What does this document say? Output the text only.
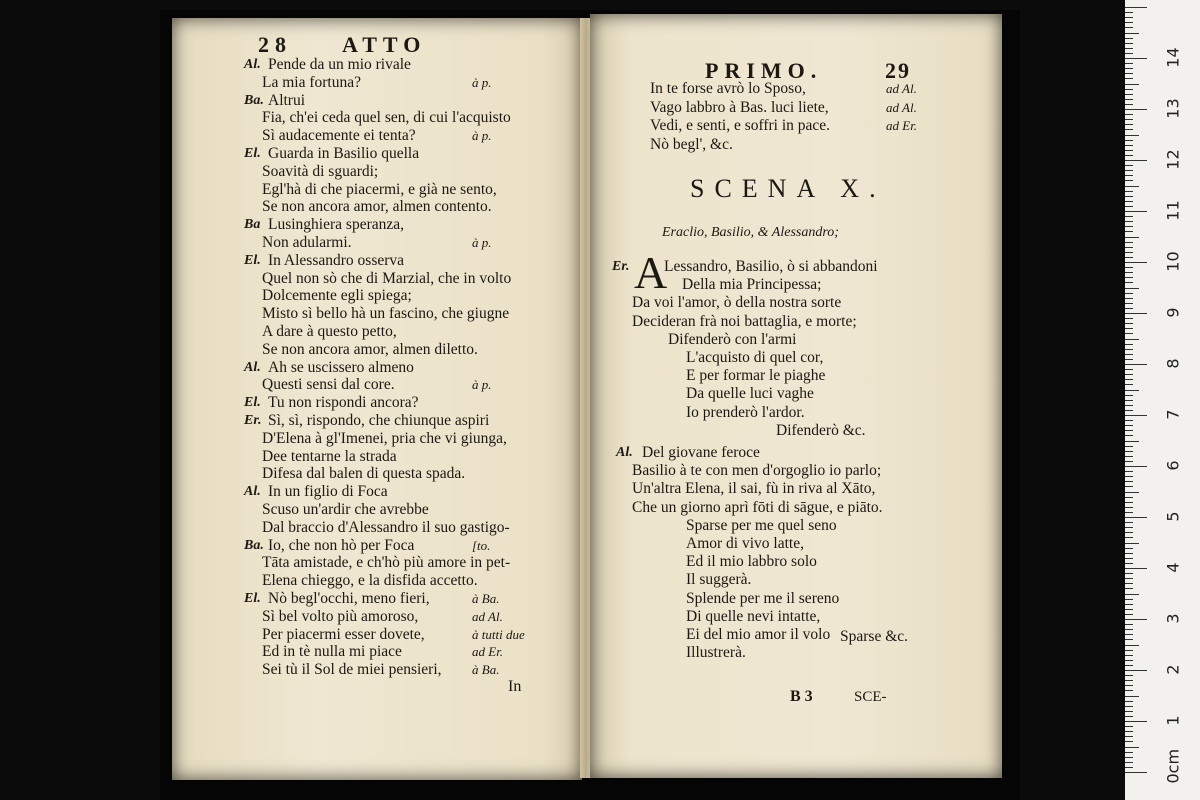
28 ATTO
Al. Pende da un mio rivale
La mia fortuna?	à p.
Ba. Altrui
Fia, ch'ei ceda quel sen, di cui l'acquisto
Sì audacemente ei tenta?	à p.
El. Guarda in Basilio quella
Soavità di sguardi;
Egl'hà di che piacermi, e già ne sento,
Se non ancora amor, almen contento.
Ba Lusinghiera speranza,
Non adularmi.	à p.
El. In Alessandro osserva
Quel non sò che di Marzial, che in volto
Dolcemente egli spiega;
Misto sì bello hà un fascino, che giugne
A dare à questo petto,
Se non ancora amor, almen diletto.
Al. Ah se uscissero almeno
Questi sensi dal core.	à p.
El. Tu non rispondi ancora?
Er. Sì, sì, rispondo, che chiunque aspiri
D'Elena à gl'Imenei, pria che vi giunga,
Dee tentarne la strada
Difesa dal balen di questa spada.
Al. In un figlio di Foca
Scuso un'ardir che avrebbe
Dal braccio d'Alessandro il suo gastigo-
Ba. Io, che non hò per Foca	[to.
Tāta amistade, e ch'hò più amore in pet-
Elena chieggo, e la disfida accetto.
El. Nò begl'occhi, meno fieri,	à Ba.
Sì bel volto più amoroso,	ad Al.
Per piacermi esser dovete,	à tutti due
Ed in tè nulla mi piace	ad Er.
Sei tù il Sol de miei pensieri, à Ba.
In
PRIMO.	29
In te forse avrò lo Sposo,	ad Al.
Vago labbro à Bas. luci liete,	ad Al.
Vedi, e senti, e soffri in pace.	ad Er.
Nò begl', &c.
SCENA X.
Eraclio, Basilio, & Alessandro;
Er. A
Lessandro, Basilio, ò si abbandoni
Della mia Principessa;
Da voi l'amor, ò della nostra sorte
Decideran frà noi battaglia, e morte;
Difenderò con l'armi
L'acquisto di quel cor,
E per formar le piaghe
Da quelle luci vaghe
Io prenderò l'ardor.
Difenderò &c.
Al. Del giovane feroce
Basilio à te con men d'orgoglio io parlo;
Un'altra Elena, il sai, fù in riva al Xāto,
Che un giorno aprì fōti di sāgue, e piāto.
Sparse per me quel seno
Amor di vivo latte,
Ed il mio labbro solo
Il suggerà.
Splende per me il sereno
Di quelle nevi intatte,
Ei del mio amor il volo
Illustrerà.
Sparse &c.
B 3	SCE-
0cm
1
2
3
4
5
6
7
8
9
10
11
12
13
14
